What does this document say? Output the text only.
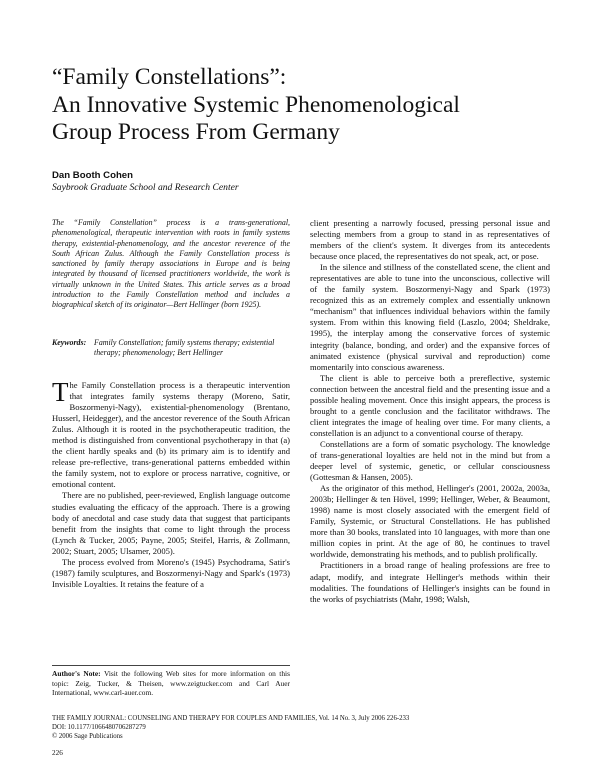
“Family Constellations”:
An Innovative Systemic Phenomenological
Group Process From Germany
Dan Booth Cohen
Saybrook Graduate School and Research Center

The “Family Constellation” process is a trans-generational, phenomenological, therapeutic intervention with roots in family systems therapy, existential-phenomenology, and the ancestor reverence of the South African Zulus. Although the Family Constellation process is sanctioned by family therapy associations in Europe and is being integrated by thousand of licensed practitioners worldwide, the work is virtually unknown in the United States. This article serves as a broad introduction to the Family Constellation method and includes a biographical sketch of its originator—Bert Hellinger (born 1925).

Keywords: Family Constellation; family systems therapy; existential therapy; phenomenology; Bert Hellinger

The Family Constellation process is a therapeutic intervention that integrates family systems therapy (Moreno, Satir, Boszormenyi-Nagy), existential-phenomenology (Brentano, Husserl, Heidegger), and the ancestor reverence of the South African Zulus. Although it is rooted in the psychotherapeutic tradition, the method is distinguished from conventional psychotherapy in that (a) the client hardly speaks and (b) its primary aim is to identify and release pre-reflective, trans-generational patterns embedded within the family system, not to explore or process narrative, cognitive, or emotional content.

There are no published, peer-reviewed, English language outcome studies evaluating the efficacy of the approach. There is a growing body of anecdotal and case study data that suggest that participants benefit from the insights that come to light through the process (Lynch & Tucker, 2005; Payne, 2005; Steifel, Harris, & Zollmann, 2002; Stuart, 2005; Ulsamer, 2005).

The process evolved from Moreno's (1945) Psychodrama, Satir's (1987) family sculptures, and Boszormenyi-Nagy and Spark's (1973) Invisible Loyalties. It retains the feature of a

client presenting a narrowly focused, pressing personal issue and selecting members from a group to stand in as representatives of members of the client's system. It diverges from its antecedents because once placed, the representatives do not speak, act, or pose.

In the silence and stillness of the constellated scene, the client and representatives are able to tune into the unconscious, collective will of the family system. Boszormenyi-Nagy and Spark (1973) recognized this as an extremely complex and essentially unknown “mechanism” that influences individual behaviors within the family system. From within this knowing field (Laszlo, 2004; Sheldrake, 1995), the interplay among the conservative forces of systemic integrity (balance, bonding, and order) and the expansive forces of animated existence (physical survival and reproduction) come momentarily into conscious awareness.

The client is able to perceive both a prereflective, systemic connection between the ancestral field and the presenting issue and a possible healing movement. Once this insight appears, the process is brought to a gentle conclusion and the facilitator withdraws. The client integrates the image of healing over time. For many clients, a constellation is an adjunct to a conventional course of therapy.

Constellations are a form of somatic psychology. The knowledge of trans-generational loyalties are held not in the mind but from a deeper level of systemic, genetic, or cellular consciousness (Gottesman & Hansen, 2005).

As the originator of this method, Hellinger's (2001, 2002a, 2003a, 2003b; Hellinger & ten Hövel, 1999; Hellinger, Weber, & Beaumont, 1998) name is most closely associated with the emergent field of Family, Systemic, or Structural Constellations. He has published more than 30 books, translated into 10 languages, with more than one million copies in print. At the age of 80, he continues to travel worldwide, demonstrating his methods, and to publish prolifically.

Practitioners in a broad range of healing professions are free to adapt, modify, and integrate Hellinger's methods within their modalities. The foundations of Hellinger's insights can be found in the works of psychiatrists (Mahr, 1998; Walsh,

Author's Note: Visit the following Web sites for more information on this topic: Zeig, Tucker, & Theisen, www.zeigtucker.com and Carl Auer International, www.carl-auer.com.
THE FAMILY JOURNAL: COUNSELING AND THERAPY FOR COUPLES AND FAMILIES, Vol. 14 No. 3, July 2006 226-233
DOI: 10.1177/1066480706287279
© 2006 Sage Publications
226
